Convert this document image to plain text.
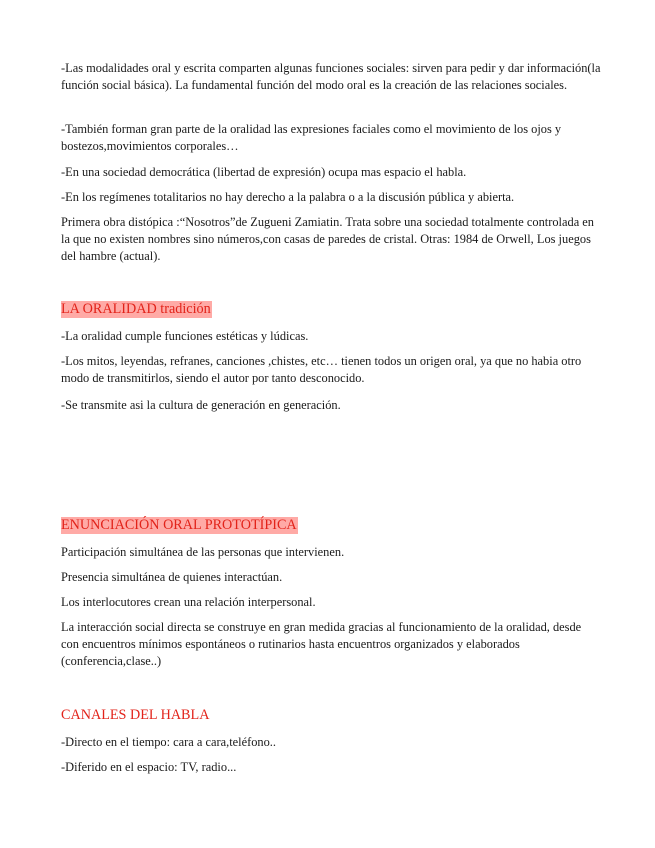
-Las modalidades oral y escrita comparten algunas funciones sociales: sirven para pedir y dar información(la función social básica). La fundamental función del modo oral es la creación de las relaciones sociales.

-También forman gran parte de la oralidad las expresiones faciales como el movimiento de los ojos y bostezos,movimientos corporales…

-En una sociedad democrática (libertad de expresión) ocupa mas espacio el habla.

-En los regímenes totalitarios no hay derecho a la palabra o a la discusión pública y abierta.

Primera obra distópica :“Nosotros”de Zugueni Zamiatin. Trata sobre una sociedad totalmente controlada en la que no existen nombres sino números,con casas de paredes de cristal. Otras: 1984 de Orwell, Los juegos del hambre (actual).

LA ORALIDAD tradición

-La oralidad cumple funciones estéticas y lúdicas.

-Los mitos, leyendas, refranes, canciones ,chistes, etc… tienen todos un origen oral, ya que no habia otro modo de transmitirlos, siendo el autor por tanto desconocido.

-Se transmite asi la cultura de generación en generación.

ENUNCIACIÓN ORAL PROTOTÍPICA

Participación simultánea de las personas que intervienen.

Presencia simultánea de quienes interactúan.

Los interlocutores crean una relación interpersonal.

La interacción social directa se construye en gran medida gracias al funcionamiento de la oralidad, desde con encuentros mínimos espontáneos o rutinarios hasta encuentros organizados y elaborados (conferencia,clase..)

CANALES DEL HABLA

-Directo en el tiempo: cara a cara,teléfono..

-Diferido en el espacio: TV, radio...
